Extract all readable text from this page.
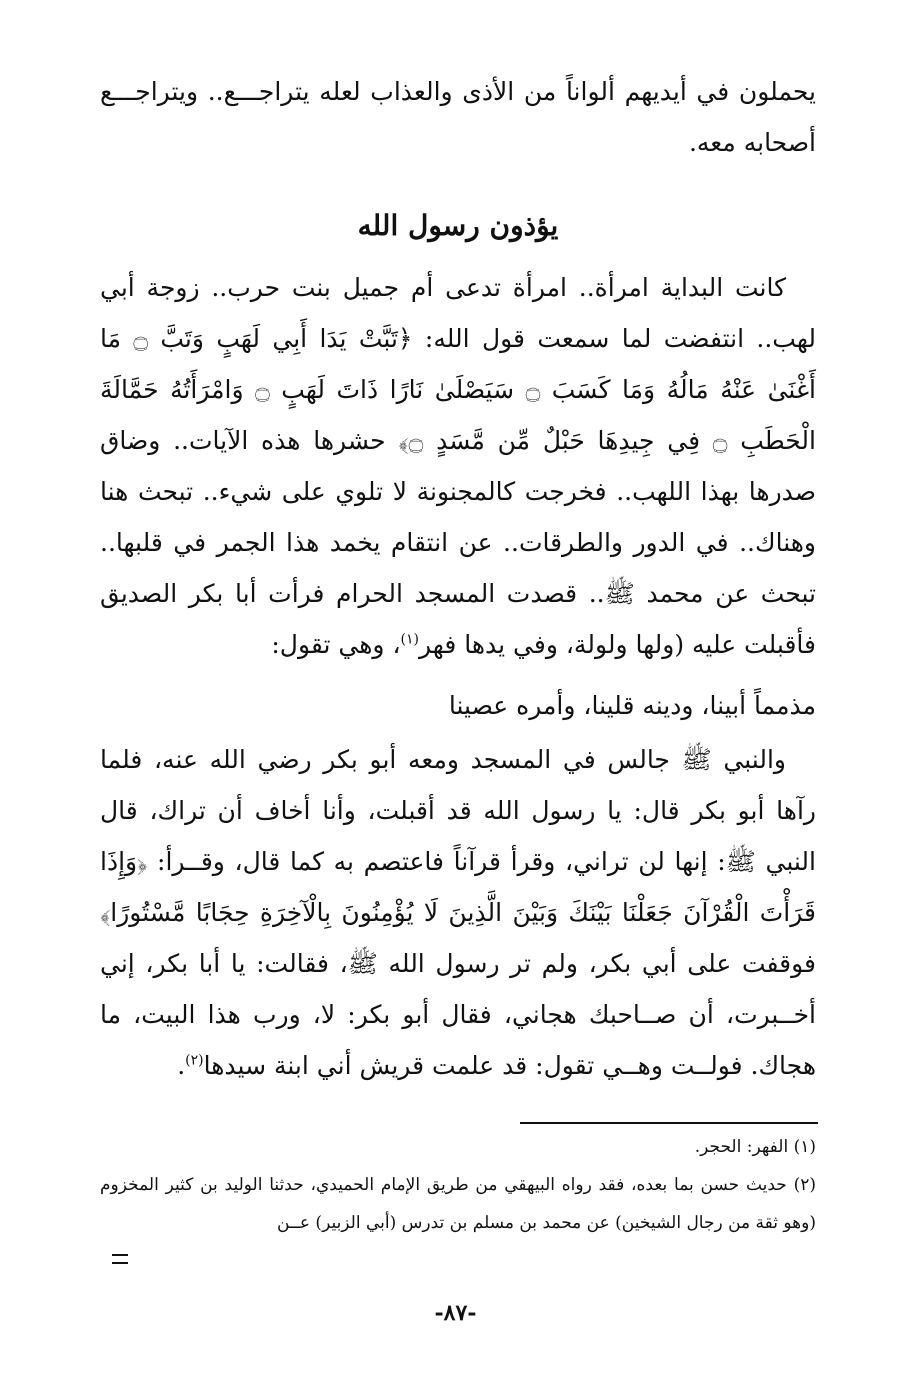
يحملون في أيديهم ألواناً من الأذى والعذاب لعله يتراجـــع.. ويتراجـــع أصحابه معه.

يؤذون رسول الله

كانت البداية امرأة.. امرأة تدعى أم جميل بنت حرب.. زوجة أبي لهب.. انتفضت لما سمعت قول الله: ﴿تَبَّتْ يَدَا أَبِي لَهَبٍ وَتَبَّ ۝ مَا أَغْنَىٰ عَنْهُ مَالُهُ وَمَا كَسَبَ ۝ سَيَصْلَىٰ نَارًا ذَاتَ لَهَبٍ ۝ وَامْرَأَتُهُ حَمَّالَةَ الْحَطَبِ ۝ فِي جِيدِهَا حَبْلٌ مِّن مَّسَدٍ ۝﴾ حشرها هذه الآيات.. وضاق صدرها بهذا اللهب.. فخرجت كالمجنونة لا تلوي على شيء.. تبحث هنا وهناك.. في الدور والطرقات.. عن انتقام يخمد هذا الجمر في قلبها.. تبحث عن محمد ﷺ.. قصدت المسجد الحرام فرأت أبا بكر الصديق فأقبلت عليه (ولها ولولة، وفي يدها فهر$^{(١)}$، وهي تقول:

مذمماً أبينا، ودينه قلينا، وأمره عصينا

والنبي ﷺ جالس في المسجد ومعه أبو بكر رضي الله عنه، فلما رآها أبو بكر قال: يا رسول الله قد أقبلت، وأنا أخاف أن تراك، قال النبي ﷺ: إنها لن تراني، وقرأ قرآناً فاعتصم به كما قال، وقــرأ: ﴿وَإِذَا قَرَأْتَ الْقُرْآنَ جَعَلْنَا بَيْنَكَ وَبَيْنَ الَّذِينَ لَا يُؤْمِنُونَ بِالْآخِرَةِ حِجَابًا مَّسْتُورًا﴾ فوقفت على أبي بكر، ولم تر رسول الله ﷺ، فقالت: يا أبا بكر، إني أخــبرت، أن صــاحبك هجاني، فقال أبو بكر: لا، ورب هذا البيت، ما هجاك. فولــت وهــي تقول: قد علمت قريش أني ابنة سيدها$^{(٢)}$.

(١) الفهر: الحجر.

(٢) حديث حسن بما بعده، فقد رواه البيهقي من طريق الإمام الحميدي، حدثنا الوليد بن كثير المخزوم (وهو ثقة من رجال الشيخين) عن محمد بن مسلم بن تدرس (أبي الزبير) عــن

-٨٧-
